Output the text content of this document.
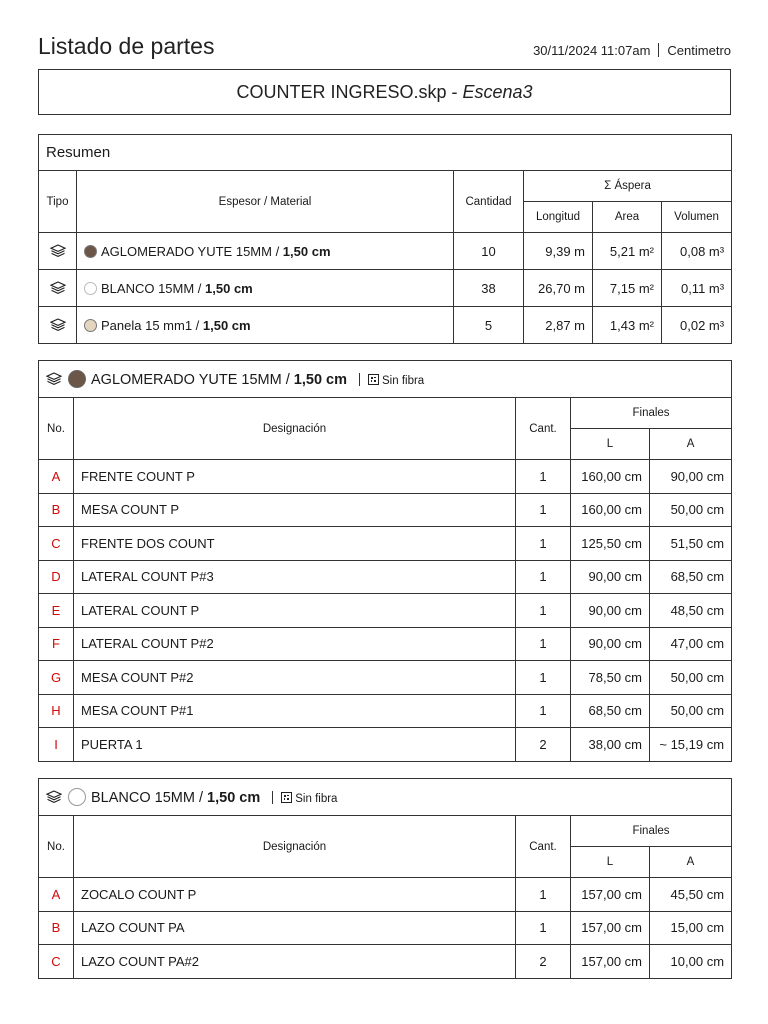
Listado de partes	30/11/2024 11:07am Centimetro
COUNTER INGRESO.skp - Escena3
Resumen					
Tipo	Espesor / Material	Cantidad	Σ Áspera		
			Longitud	Area	Volumen
	AGLOMERADO YUTE 15MM / 1,50 cm	10	9,39 m	5,21 m²	0,08 m³
	BLANCO 15MM / 1,50 cm	38	26,70 m	7,15 m²	0,11 m³
	Panela 15 mm1 / 1,50 cm	5	2,87 m	1,43 m²	0,02 m³
AGLOMERADO YUTE 15MM / 1,50 cm Sin fibra				
No.	Designación	Cant.	Finales	
			L	A
A	FRENTE COUNT P	1	160,00 cm	90,00 cm
B	MESA COUNT P	1	160,00 cm	50,00 cm
C	FRENTE DOS COUNT	1	125,50 cm	51,50 cm
D	LATERAL COUNT P#3	1	90,00 cm	68,50 cm
E	LATERAL COUNT P	1	90,00 cm	48,50 cm
F	LATERAL COUNT P#2	1	90,00 cm	47,00 cm
G	MESA COUNT P#2	1	78,50 cm	50,00 cm
H	MESA COUNT P#1	1	68,50 cm	50,00 cm
I	PUERTA 1	2	38,00 cm	~ 15,19 cm
BLANCO 15MM / 1,50 cm Sin fibra				
No.	Designación	Cant.	Finales	
			L	A
A	ZOCALO COUNT P	1	157,00 cm	45,50 cm
B	LAZO COUNT PA	1	157,00 cm	15,00 cm
C	LAZO COUNT PA#2	2	157,00 cm	10,00 cm
